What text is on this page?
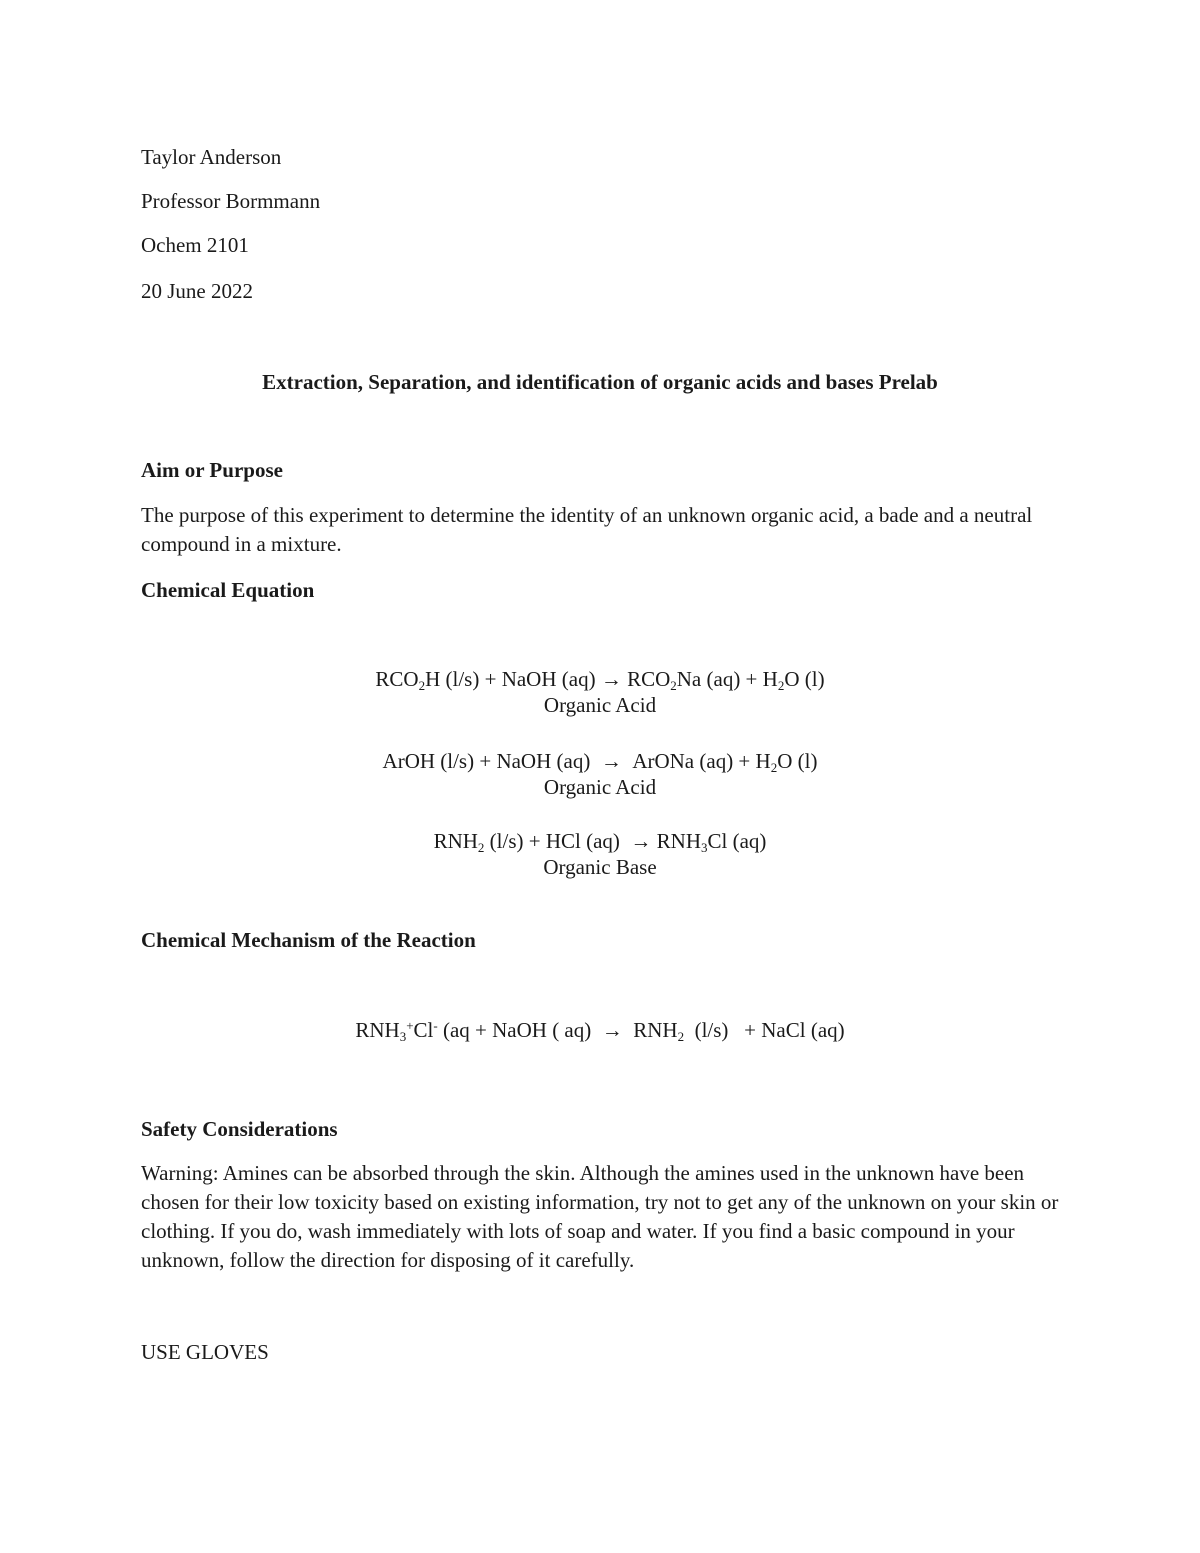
Taylor Anderson
Professor Bormmann
Ochem 2101
20 June 2022
Extraction, Separation, and identification of organic acids and bases Prelab
Aim or Purpose
The purpose of this experiment to determine the identity of an unknown organic acid, a bade and a neutral compound in a mixture.
Chemical Equation
$RCO_2H$ (l/s) + NaOH $(aq) \to RCO_2Na$ $(aq) + H_2O$ (l)
Organic Acid
ArOH (l/s) + NaOH (aq)  →  ArONa $(aq) + H_2O$ (l)
Organic Acid
$RNH_2$ (l/s) + HCl $(aq) \to RNH_3Cl$ (aq)
Organic Base
Chemical Mechanism of the Reaction
$RNH_3^+Cl^-$ (aq + NaOH ( $aq) \to RNH_2$  (l/s)   + NaCl (aq)
Safety Considerations
Warning: Amines can be absorbed through the skin. Although the amines used in the unknown have been chosen for their low toxicity based on existing information, try not to get any of the unknown on your skin or clothing. If you do, wash immediately with lots of soap and water. If you find a basic compound in your unknown, follow the direction for disposing of it carefully.
USE GLOVES
